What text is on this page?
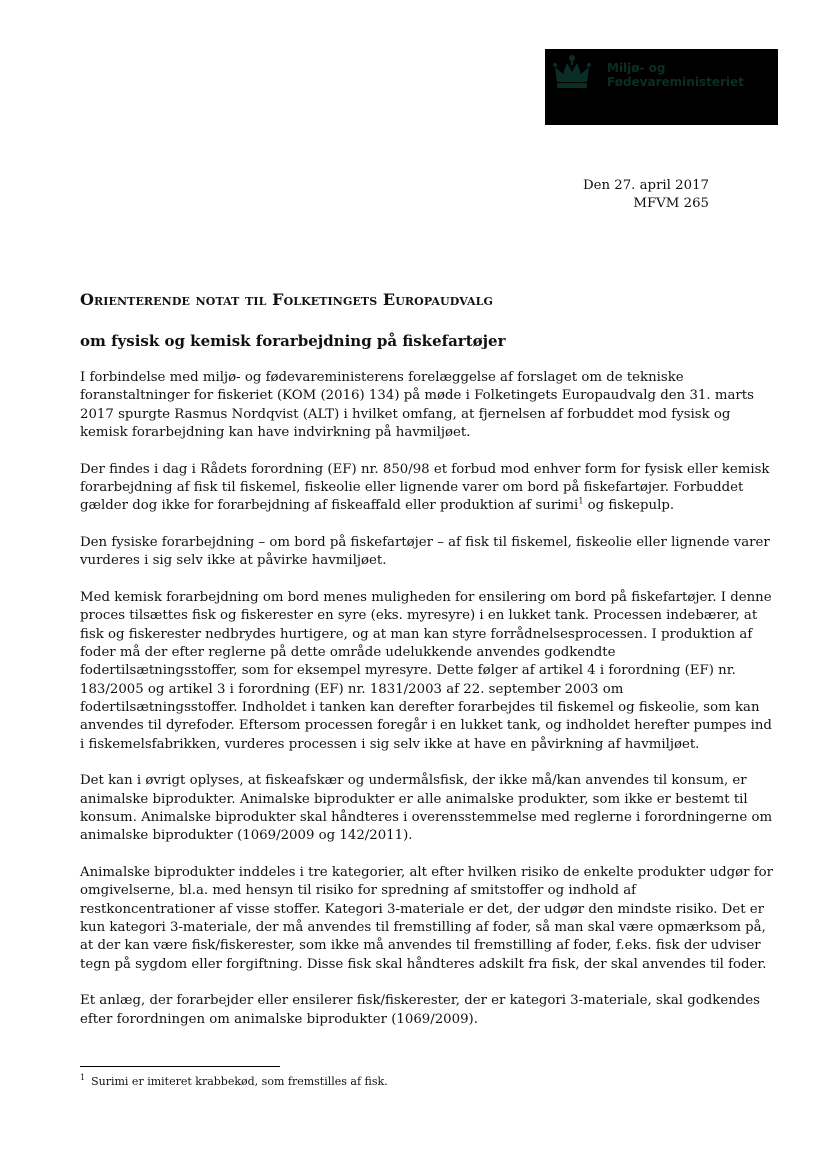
Miljø- og
Fødevareministeriet
Den 27. april 2017
MFVM 265
Orienterende notat til Folketingets Europaudvalg
om fysisk og kemisk forarbejdning på fiskefartøjer

I forbindelse med miljø- og fødevareministerens forelæggelse af forslaget om de tekniske foranstaltninger for fiskeriet (KOM (2016) 134) på møde i Folketingets Europaudvalg den 31. marts 2017 spurgte Rasmus Nordqvist (ALT) i hvilket omfang, at fjernelsen af forbuddet mod fysisk og kemisk forarbejdning kan have indvirkning på havmiljøet.

Der findes i dag i Rådets forordning (EF) nr. 850/98 et forbud mod enhver form for fysisk eller kemisk forarbejdning af fisk til fiskemel, fiskeolie eller lignende varer om bord på fiskefartøjer. Forbuddet gælder dog ikke for forarbejdning af fiskeaffald eller produktion af surimi$^1$ og fiskepulp.

Den fysiske forarbejdning – om bord på fiskefartøjer – af fisk til fiskemel, fiskeolie eller lignende varer vurderes i sig selv ikke at påvirke havmiljøet.

Med kemisk forarbejdning om bord menes muligheden for ensilering om bord på fiskefartøjer. I denne proces tilsættes fisk og fiskerester en syre (eks. myresyre) i en lukket tank. Processen indebærer, at fisk og fiskerester nedbrydes hurtigere, og at man kan styre forrådnelsesprocessen. I produktion af foder må der efter reglerne på dette område udelukkende anvendes godkendte fodertilsætningsstoffer, som for eksempel myresyre. Dette følger af artikel 4 i forordning (EF) nr. 183/2005 og artikel 3 i forordning (EF) nr. 1831/2003 af 22. september 2003 om fodertilsætningsstoffer. Indholdet i tanken kan derefter forarbejdes til fiskemel og fiskeolie, som kan anvendes til dyrefoder. Eftersom processen foregår i en lukket tank, og indholdet herefter pumpes ind i fiskemelsfabrikken, vurderes processen i sig selv ikke at have en påvirkning af havmiljøet.

Det kan i øvrigt oplyses, at fiskeafskær og undermålsfisk, der ikke må/kan anvendes til konsum, er animalske biprodukter. Animalske biprodukter er alle animalske produkter, som ikke er bestemt til konsum. Animalske biprodukter skal håndteres i overensstemmelse med reglerne i forordningerne om animalske biprodukter (1069/2009 og 142/2011).

Animalske biprodukter inddeles i tre kategorier, alt efter hvilken risiko de enkelte produkter udgør for omgivelserne, bl.a. med hensyn til risiko for spredning af smitstoffer og indhold af restkoncentrationer af visse stoffer. Kategori 3-materiale er det, der udgør den mindste risiko. Det er kun kategori 3-materiale, der må anvendes til fremstilling af foder, så man skal være opmærksom på, at der kan være fisk/fiskerester, som ikke må anvendes til fremstilling af foder, f.eks. fisk der udviser tegn på sygdom eller forgiftning. Disse fisk skal håndteres adskilt fra fisk, der skal anvendes til foder.

Et anlæg, der forarbejder eller ensilerer fisk/fiskerester, der er kategori 3-materiale, skal godkendes efter forordningen om animalske biprodukter (1069/2009).

$^1$ Surimi er imiteret krabbekød, som fremstilles af fisk.
